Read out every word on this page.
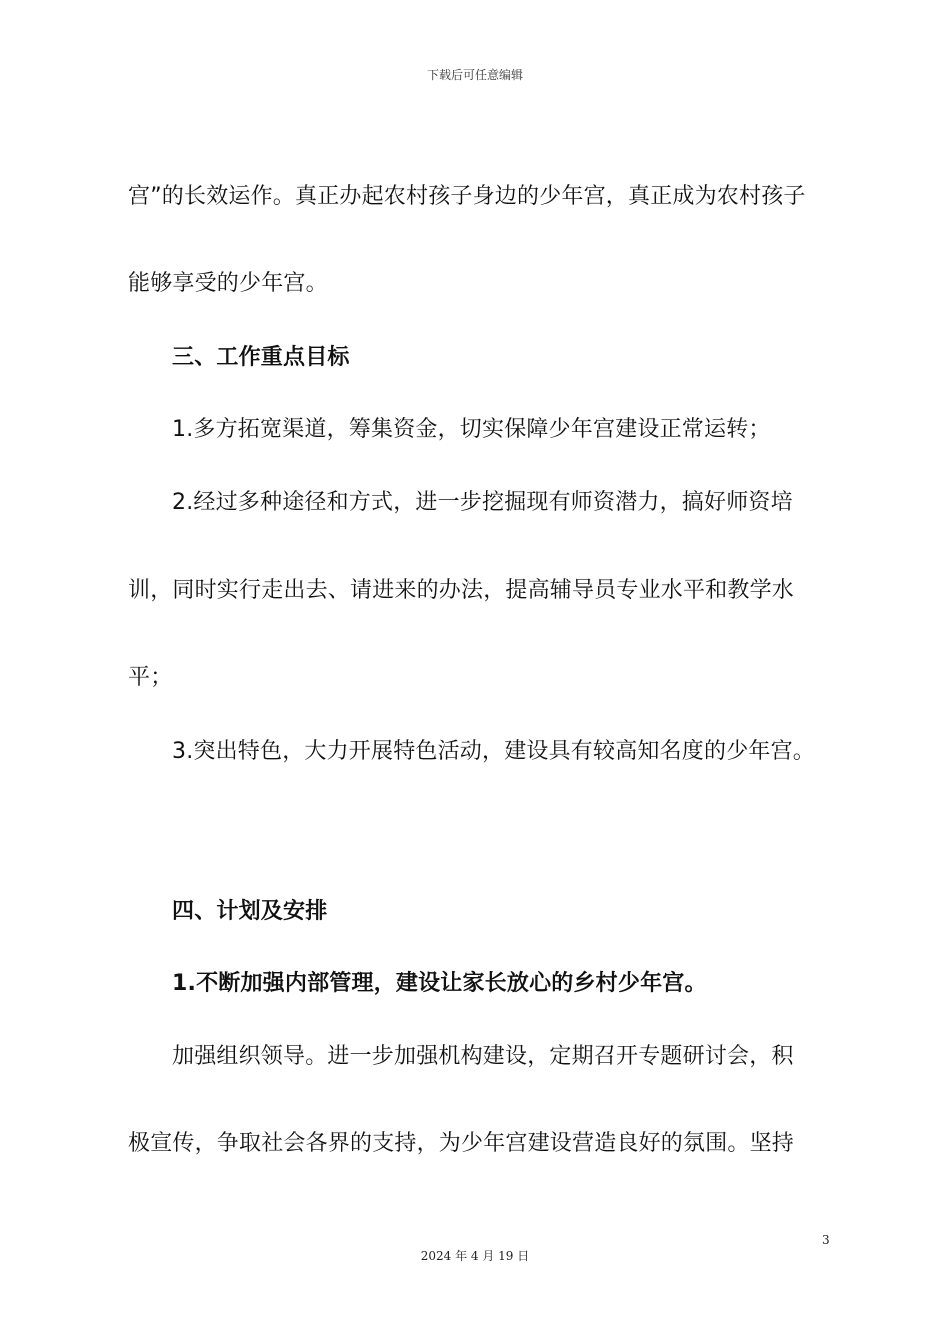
下载后可任意编辑
宫”的长效运作。真正办起农村孩子身边的少年宫，真正成为农村孩子
能够享受的少年宫。
三、工作重点目标
1.多方拓宽渠道，筹集资金，切实保障少年宫建设正常运转；
2.经过多种途径和方式，进一步挖掘现有师资潜力，搞好师资培
训，同时实行走出去、请进来的办法，提高辅导员专业水平和教学水
平；
3.突出特色，大力开展特色活动，建设具有较高知名度的少年宫。
四、计划及安排
1.不断加强内部管理，建设让家长放心的乡村少年宫。
加强组织领导。进一步加强机构建设，定期召开专题研讨会，积
极宣传，争取社会各界的支持，为少年宫建设营造良好的氛围。坚持
3
2024 年 4 月 19 日
